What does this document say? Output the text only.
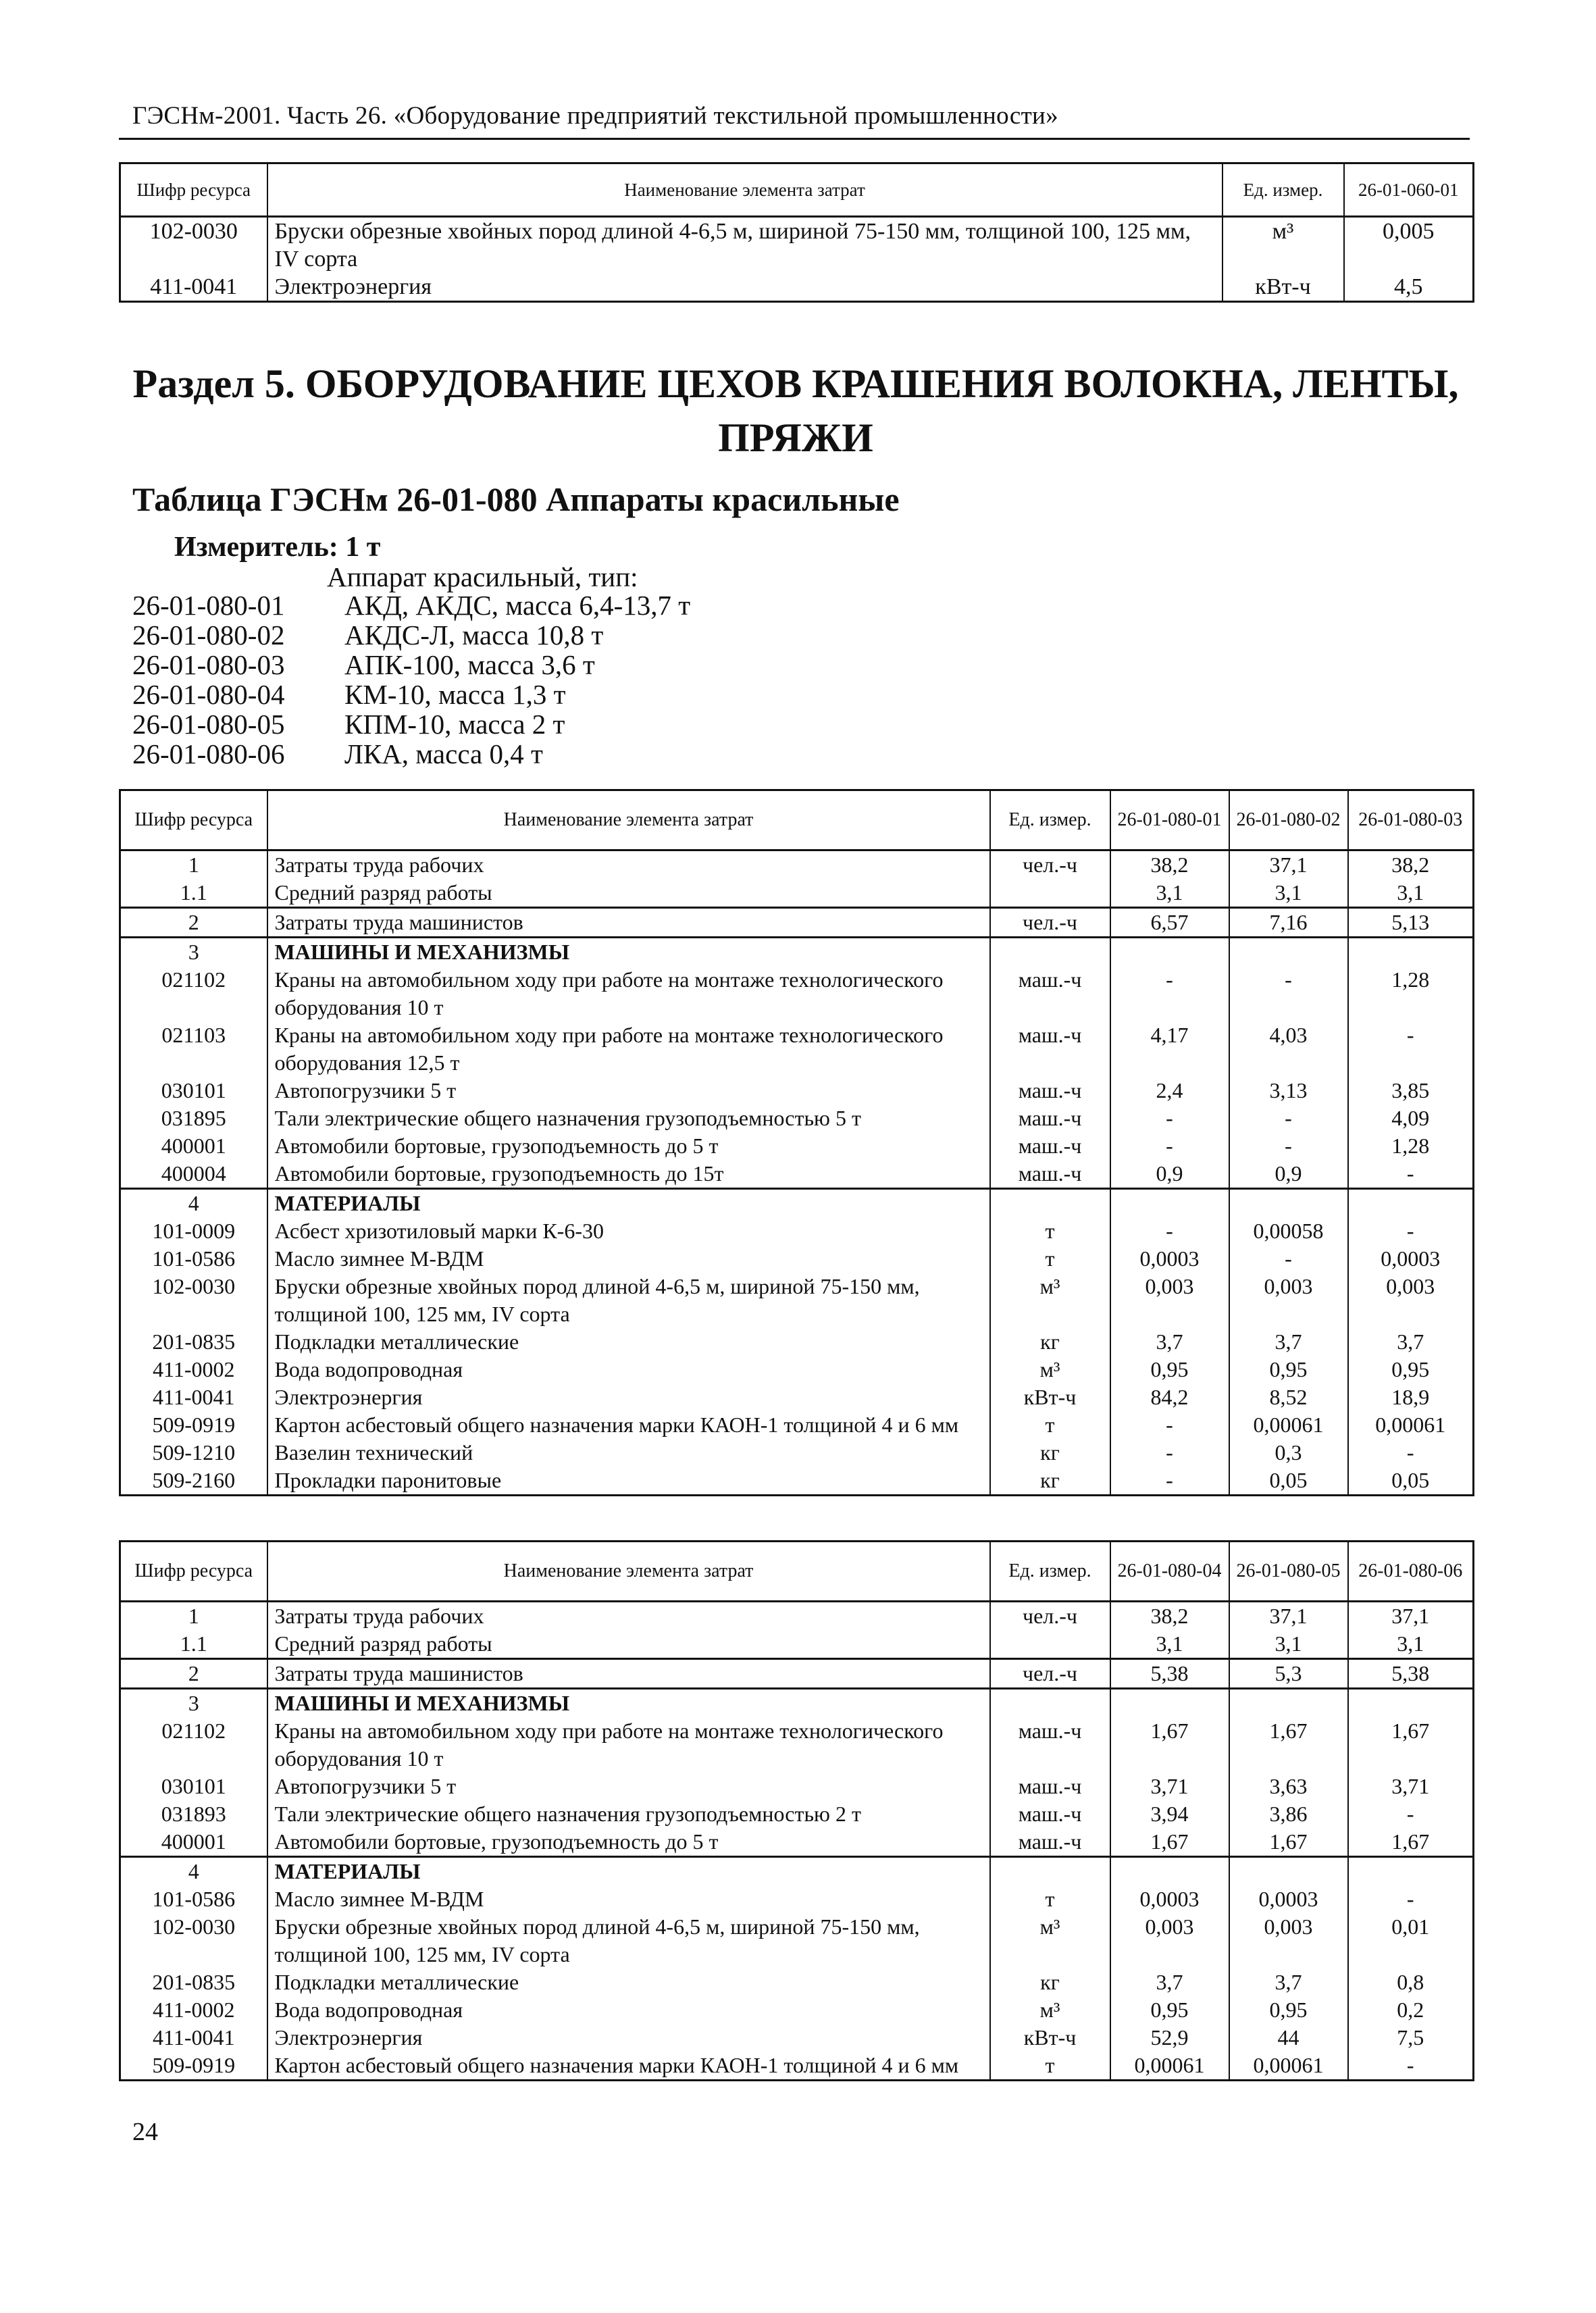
ГЭСНм-2001. Часть 26. «Оборудование предприятий текстильной промышленности»
Шифр ресурса	Наименование элемента затрат	Ед. измер.	26-01-060-01
102-0030	Бруски обрезные хвойных пород длиной 4-6,5 м, шириной 75-150 мм, толщиной 100, 125 мм, IV сорта	м³	0,005
411-0041	Электроэнергия	кВт-ч	4,5
Раздел 5. ОБОРУДОВАНИЕ ЦЕХОВ КРАШЕНИЯ ВОЛОКНА, ЛЕНТЫ, ПРЯЖИ
Таблица ГЭСНм 26-01-080 Аппараты красильные
Измеритель: 1 т
Аппарат красильный, тип:
26-01-080-01 АКД, АКДС, масса 6,4-13,7 т
26-01-080-02 АКДС-Л, масса 10,8 т
26-01-080-03 АПК-100, масса 3,6 т
26-01-080-04 КМ-10, масса 1,3 т
26-01-080-05 КПМ-10, масса 2 т
26-01-080-06 ЛКА, масса 0,4 т
Шифр ресурса	Наименование элемента затрат	Ед. измер.	26-01-080-01	26-01-080-02	26-01-080-03
1	Затраты труда рабочих	чел.-ч	38,2	37,1	38,2
1.1	Средний разряд работы		3,1	3,1	3,1
2	Затраты труда машинистов	чел.-ч	6,57	7,16	5,13
3	МАШИНЫ И МЕХАНИЗМЫ				
021102	Краны на автомобильном ходу при работе на монтаже технологического оборудования 10 т	маш.-ч	-	-	1,28
021103	Краны на автомобильном ходу при работе на монтаже технологического оборудования 12,5 т	маш.-ч	4,17	4,03	-
030101	Автопогрузчики 5 т	маш.-ч	2,4	3,13	3,85
031895	Тали электрические общего назначения грузоподъемностью 5 т	маш.-ч	-	-	4,09
400001	Автомобили бортовые, грузоподъемность до 5 т	маш.-ч	-	-	1,28
400004	Автомобили бортовые, грузоподъемность до 15т	маш.-ч	0,9	0,9	-
4	МАТЕРИАЛЫ				
101-0009	Асбест хризотиловый марки К-6-30	т	-	0,00058	-
101-0586	Масло зимнее М-ВДМ	т	0,0003	-	0,0003
102-0030	Бруски обрезные хвойных пород длиной 4-6,5 м, шириной 75-150 мм, толщиной 100, 125 мм, IV сорта	м³	0,003	0,003	0,003
201-0835	Подкладки металлические	кг	3,7	3,7	3,7
411-0002	Вода водопроводная	м³	0,95	0,95	0,95
411-0041	Электроэнергия	кВт-ч	84,2	8,52	18,9
509-0919	Картон асбестовый общего назначения марки КАОН-1 толщиной 4 и 6 мм	т	-	0,00061	0,00061
509-1210	Вазелин технический	кг	-	0,3	-
509-2160	Прокладки паронитовые	кг	-	0,05	0,05
Шифр ресурса	Наименование элемента затрат	Ед. измер.	26-01-080-04	26-01-080-05	26-01-080-06
1	Затраты труда рабочих	чел.-ч	38,2	37,1	37,1
1.1	Средний разряд работы		3,1	3,1	3,1
2	Затраты труда машинистов	чел.-ч	5,38	5,3	5,38
3	МАШИНЫ И МЕХАНИЗМЫ				
021102	Краны на автомобильном ходу при работе на монтаже технологического оборудования 10 т	маш.-ч	1,67	1,67	1,67
030101	Автопогрузчики 5 т	маш.-ч	3,71	3,63	3,71
031893	Тали электрические общего назначения грузоподъемностью 2 т	маш.-ч	3,94	3,86	-
400001	Автомобили бортовые, грузоподъемность до 5 т	маш.-ч	1,67	1,67	1,67
4	МАТЕРИАЛЫ				
101-0586	Масло зимнее М-ВДМ	т	0,0003	0,0003	-
102-0030	Бруски обрезные хвойных пород длиной 4-6,5 м, шириной 75-150 мм, толщиной 100, 125 мм, IV сорта	м³	0,003	0,003	0,01
201-0835	Подкладки металлические	кг	3,7	3,7	0,8
411-0002	Вода водопроводная	м³	0,95	0,95	0,2
411-0041	Электроэнергия	кВт-ч	52,9	44	7,5
509-0919	Картон асбестовый общего назначения марки КАОН-1 толщиной 4 и 6 мм	т	0,00061	0,00061	-
24
